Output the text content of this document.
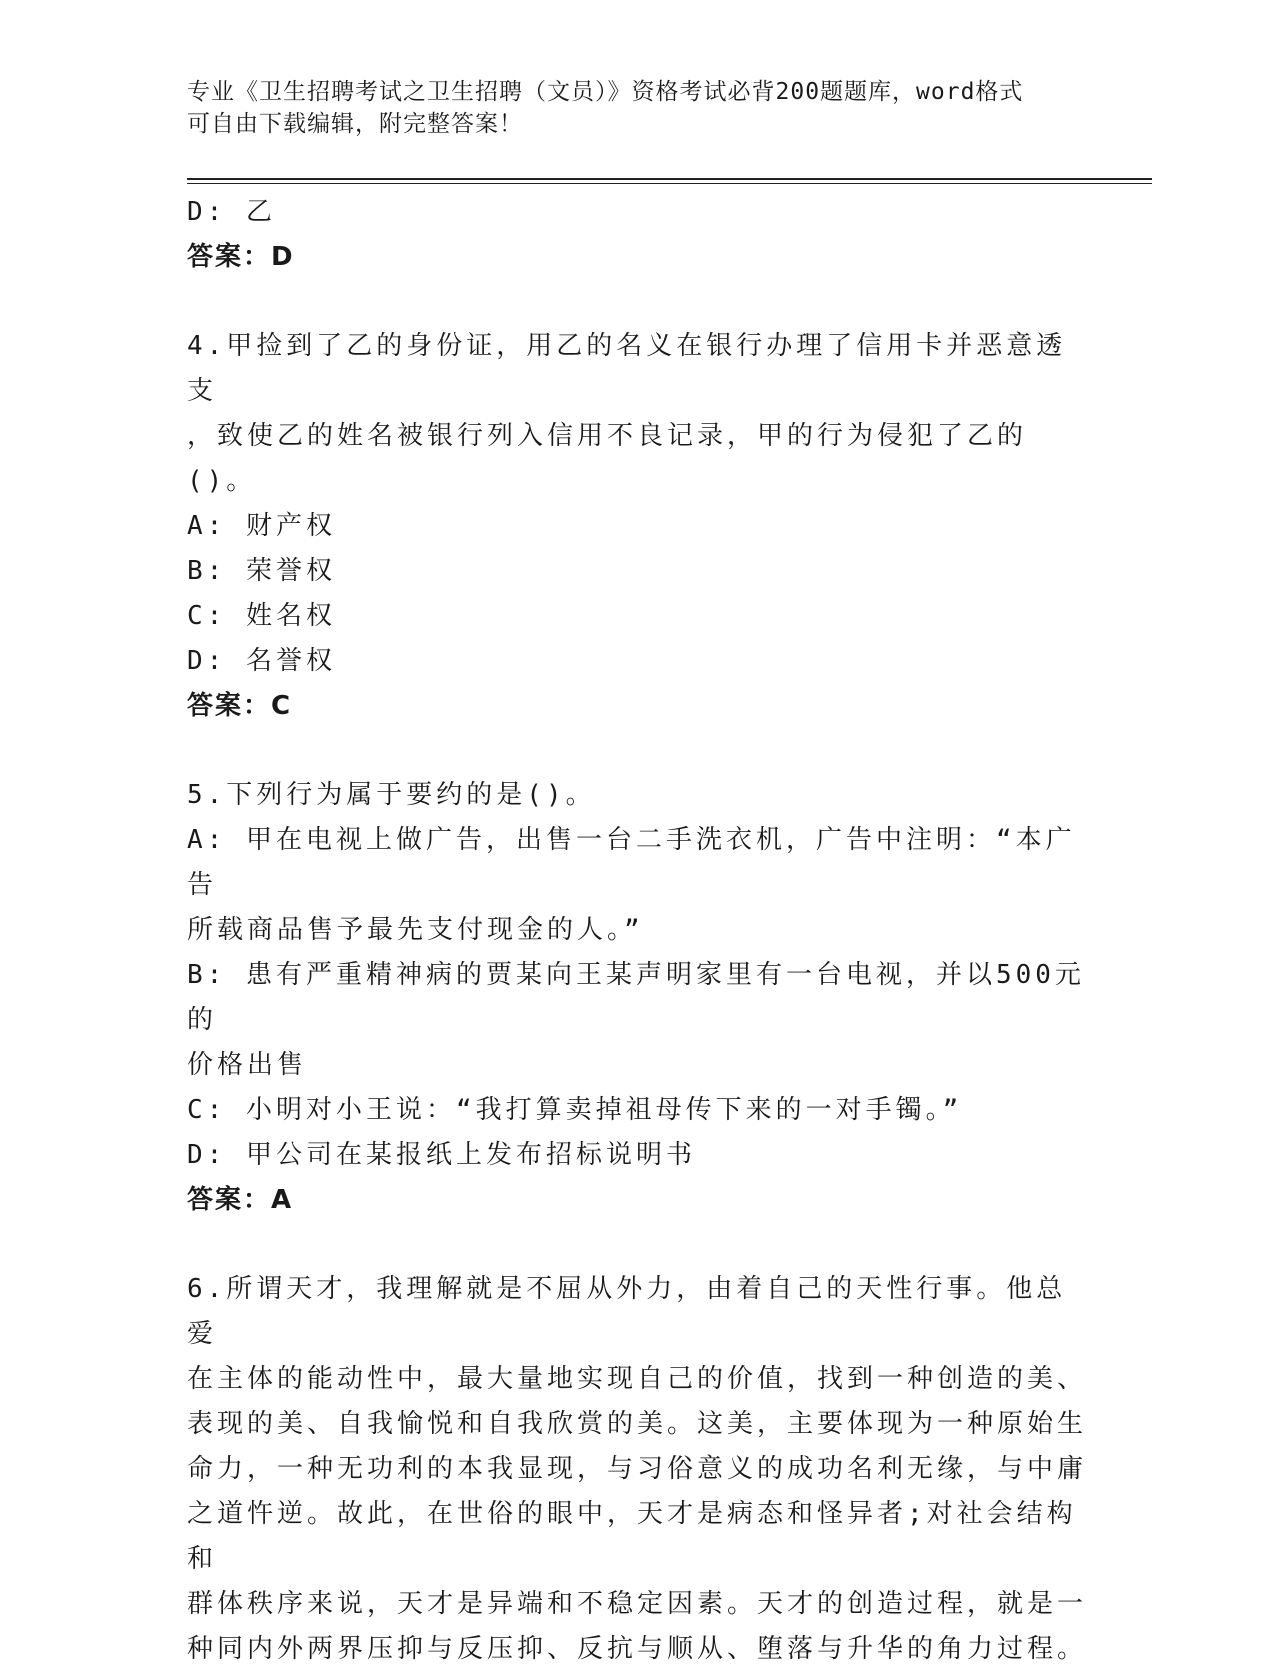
专业《卫生招聘考试之卫生招聘（文员）》资格考试必背200题题库，word格式
可自由下载编辑，附完整答案！

D: 乙

答案：D

4.甲捡到了乙的身份证，用乙的名义在银行办理了信用卡并恶意透支

，致使乙的姓名被银行列入信用不良记录，甲的行为侵犯了乙的()。

A: 财产权

B: 荣誉权

C: 姓名权

D: 名誉权

答案：C

5.下列行为属于要约的是()。

A: 甲在电视上做广告，出售一台二手洗衣机，广告中注明：“本广告

所载商品售予最先支付现金的人。”

B: 患有严重精神病的贾某向王某声明家里有一台电视，并以500元的

价格出售

C: 小明对小王说：“我打算卖掉祖母传下来的一对手镯。”

D: 甲公司在某报纸上发布招标说明书

答案：A

6.所谓天才，我理解就是不屈从外力，由着自己的天性行事。他总爱

在主体的能动性中，最大量地实现自己的价值，找到一种创造的美、

表现的美、自我愉悦和自我欣赏的美。这美，主要体现为一种原始生

命力，一种无功利的本我显现，与习俗意义的成功名利无缘，与中庸

之道忤逆。故此，在世俗的眼中，天才是病态和怪异者;对社会结构和

群体秩序来说，天才是异端和不稳定因素。天才的创造过程，就是一

种同内外两界压抑与反压抑、反抗与顺从、堕落与升华的角力过程。
